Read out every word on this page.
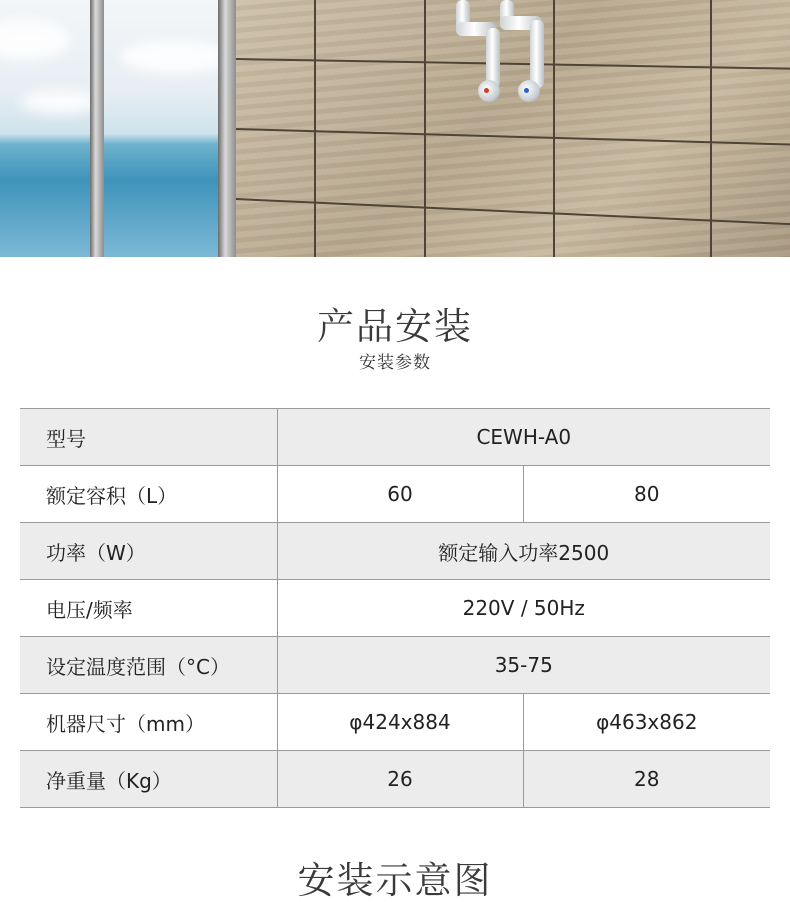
产品安装
安装参数
型号	CEWH-A0	
额定容积（L）	60	80
功率（W）	额定输入功率2500	
电压/频率	220V / 50Hz	
设定温度范围（°C）	35-75	
机器尺寸（mm）	φ424x884	φ463x862
净重量（Kg）	26	28
安装示意图
